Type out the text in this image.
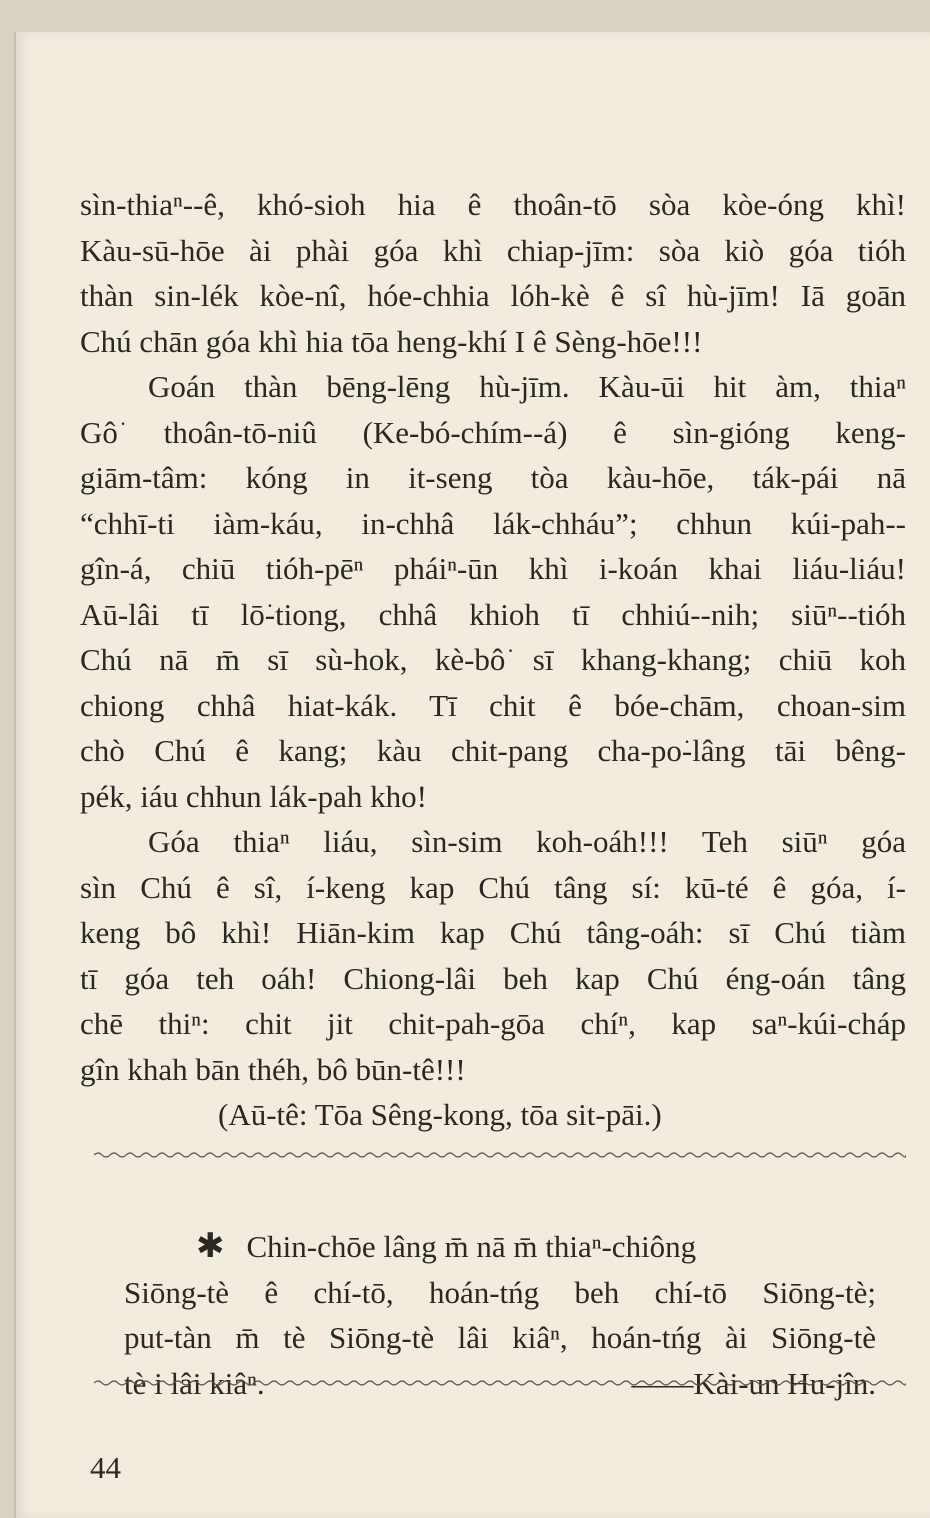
sìn-thiaⁿ--ê, khó-sioh hia ê thoân-tō sòa kòe-óng khì!
Kàu-sū-hōe ài phài góa khì chiap-jīm: sòa kiò góa tióh
thàn sin-lék kòe-nî, hóe-chhia lóh-kè ê sî hù-jīm! Iā goān
Chú chān góa khì hia tōa heng-khí I ê Sèng-hōe!!!
Goán thàn bēng-lēng hù-jīm. Kàu-ūi hit àm, thiaⁿ
Gô͘ thoân-tō-niû (Ke-bó-chím--á) ê sìn-gióng keng-
giām-tâm: kóng in it-seng tòa kàu-hōe, ták-pái nā
“chhī-ti iàm-káu, in-chhâ lák-chháu”; chhun kúi-pah--
gîn-á, chiū tióh-pēⁿ pháiⁿ-ūn khì i-koán khai liáu-liáu!
Aū-lâi tī lō͘-tiong, chhâ khioh tī chhiú--nih; siūⁿ--tióh
Chú nā m̄ sī sù-hok, kè-bô͘ sī khang-khang; chiū koh
chiong chhâ hiat-kák. Tī chit ê bóe-chām, choan-sim
chò Chú ê kang; kàu chit-pang cha-po͘-lâng tāi bêng-
pék, iáu chhun lák-pah kho͘!
Góa thiaⁿ liáu, sìn-sim koh-oáh!!! Teh siūⁿ góa
sìn Chú ê sî, í-keng kap Chú tâng sí: kū-té ê góa, í-
keng bô khì! Hiān-kim kap Chú tâng-oáh: sī Chú tiàm
tī góa teh oáh! Chiong-lâi beh kap Chú éng-oán tâng
chē thiⁿ: chit jit chit-pah-gōa chíⁿ, kap saⁿ-kúi-cháp
gîn khah bān théh, bô būn-tê!!!
(Aū-tê: Tōa Sêng-kong, tōa sit-pāi.)
✱ Chin-chōe lâng m̄ nā m̄ thiaⁿ-chiông
Siōng-tè ê chí-tō, hoán-tńg beh chí-tō Siōng-tè;
put-tàn m̄ tè Siōng-tè lâi kiâⁿ, hoán-tńg ài Siōng-tè
tè i lâi kiâⁿ.	——Kài-un Hu-jîn.
44
